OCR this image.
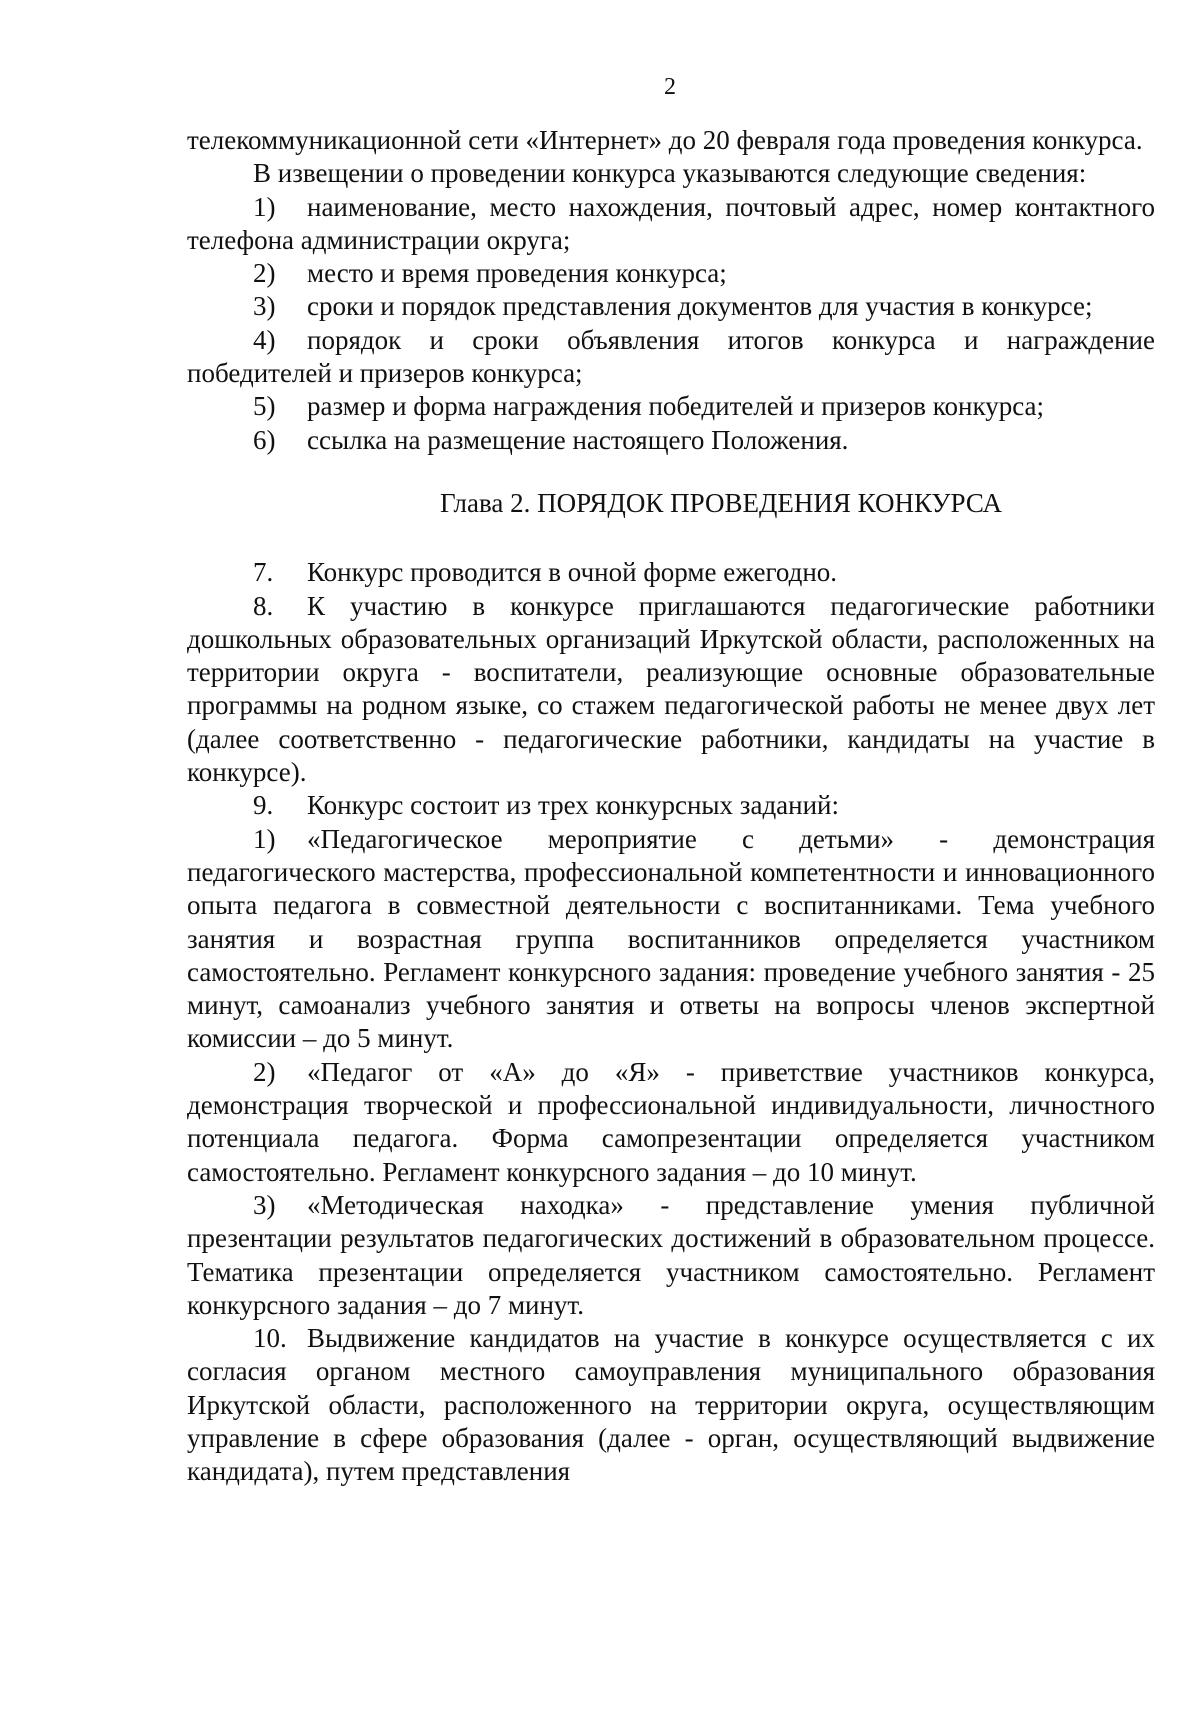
2

телекоммуникационной сети «Интернет» до 20 февраля года проведения конкурса.

В извещении о проведении конкурса указываются следующие сведения:

1) наименование, место нахождения, почтовый адрес, номер контактного телефона администрации округа;

2) место и время проведения конкурса;

3) сроки и порядок представления документов для участия в конкурсе;

4) порядок и сроки объявления итогов конкурса и награждение победителей и призеров конкурса;

5) размер и форма награждения победителей и призеров конкурса;

6) ссылка на размещение настоящего Положения.

Глава 2. ПОРЯДОК ПРОВЕДЕНИЯ КОНКУРСА

7. Конкурс проводится в очной форме ежегодно.

8. К участию в конкурсе приглашаются педагогические работники дошкольных образовательных организаций Иркутской области, расположенных на территории округа - воспитатели, реализующие основные образовательные программы на родном языке, со стажем педагогической работы не менее двух лет (далее соответственно - педагогические работники, кандидаты на участие в конкурсе).

9. Конкурс состоит из трех конкурсных заданий:

1) «Педагогическое мероприятие с детьми» - демонстрация педагогического мастерства, профессиональной компетентности и инновационного опыта педагога в совместной деятельности с воспитанниками. Тема учебного занятия и возрастная группа воспитанников определяется участником самостоятельно. Регламент конкурсного задания: проведение учебного занятия - 25 минут, самоанализ учебного занятия и ответы на вопросы членов экспертной комиссии – до 5 минут.

2) «Педагог от «А» до «Я» - приветствие участников конкурса, демонстрация творческой и профессиональной индивидуальности, личностного потенциала педагога. Форма самопрезентации определяется участником самостоятельно. Регламент конкурсного задания – до 10 минут.

3) «Методическая находка» - представление умения публичной презентации результатов педагогических достижений в образовательном процессе. Тематика презентации определяется участником самостоятельно. Регламент конкурсного задания – до 7 минут.

10. Выдвижение кандидатов на участие в конкурсе осуществляется с их согласия органом местного самоуправления муниципального образования Иркутской области, расположенного на территории округа, осуществляющим управление в сфере образования (далее - орган, осуществляющий выдвижение кандидата), путем представления
